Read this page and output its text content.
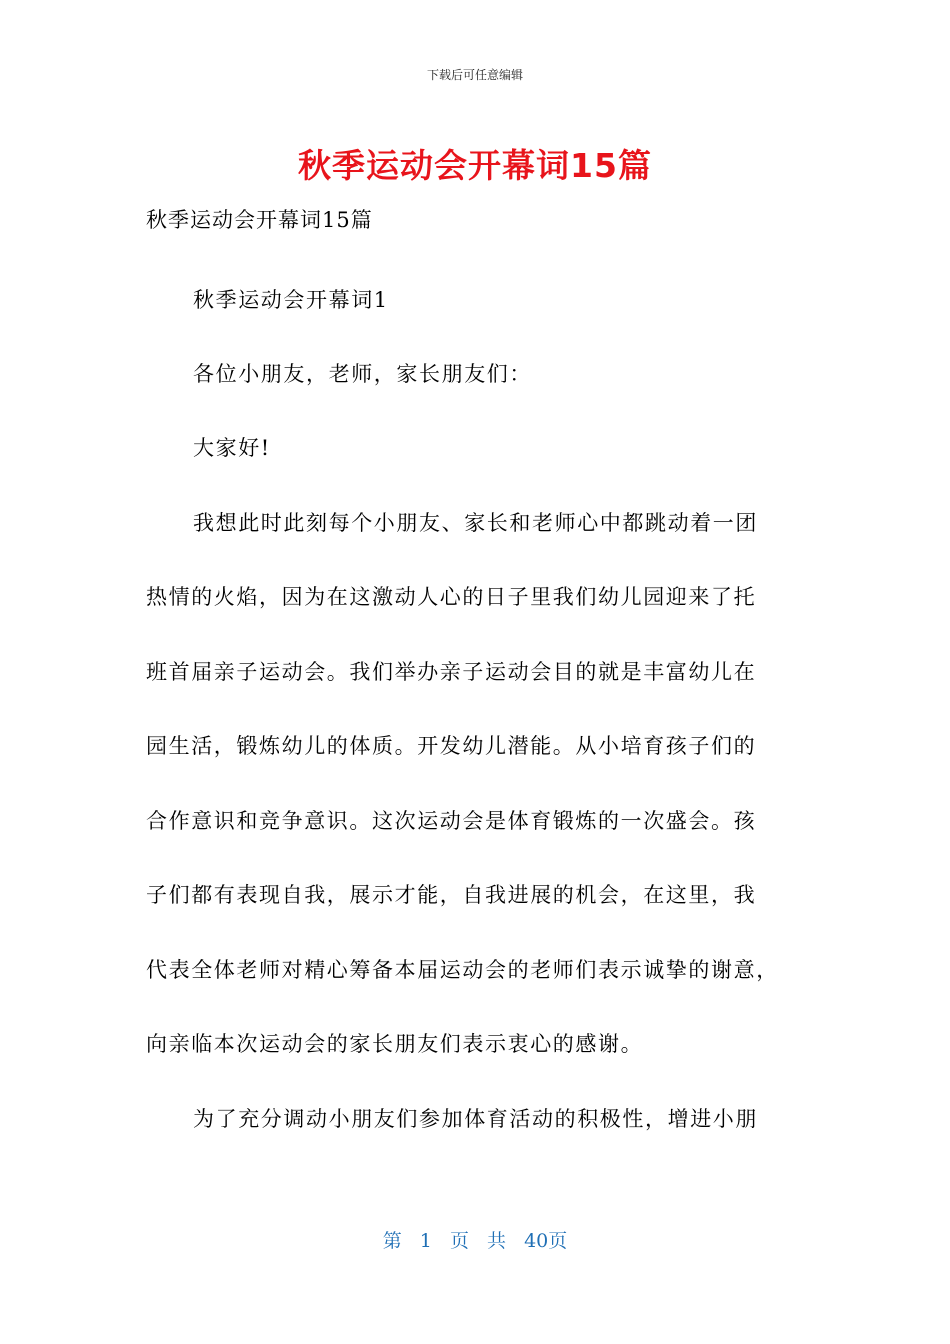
下载后可任意编辑
秋季运动会开幕词15篇
秋季运动会开幕词15篇
秋季运动会开幕词1
各位小朋友，老师，家长朋友们：
大家好!
我想此时此刻每个小朋友、家长和老师心中都跳动着一团
热情的火焰，因为在这激动人心的日子里我们幼儿园迎来了托
班首届亲子运动会。我们举办亲子运动会目的就是丰富幼儿在
园生活，锻炼幼儿的体质。开发幼儿潜能。从小培育孩子们的
合作意识和竞争意识。这次运动会是体育锻炼的一次盛会。孩
子们都有表现自我，展示才能，自我进展的机会，在这里，我
代表全体老师对精心筹备本届运动会的老师们表示诚挚的谢意，
向亲临本次运动会的家长朋友们表示衷心的感谢。
为了充分调动小朋友们参加体育活动的积极性，增进小朋
第 1 页 共 40页
